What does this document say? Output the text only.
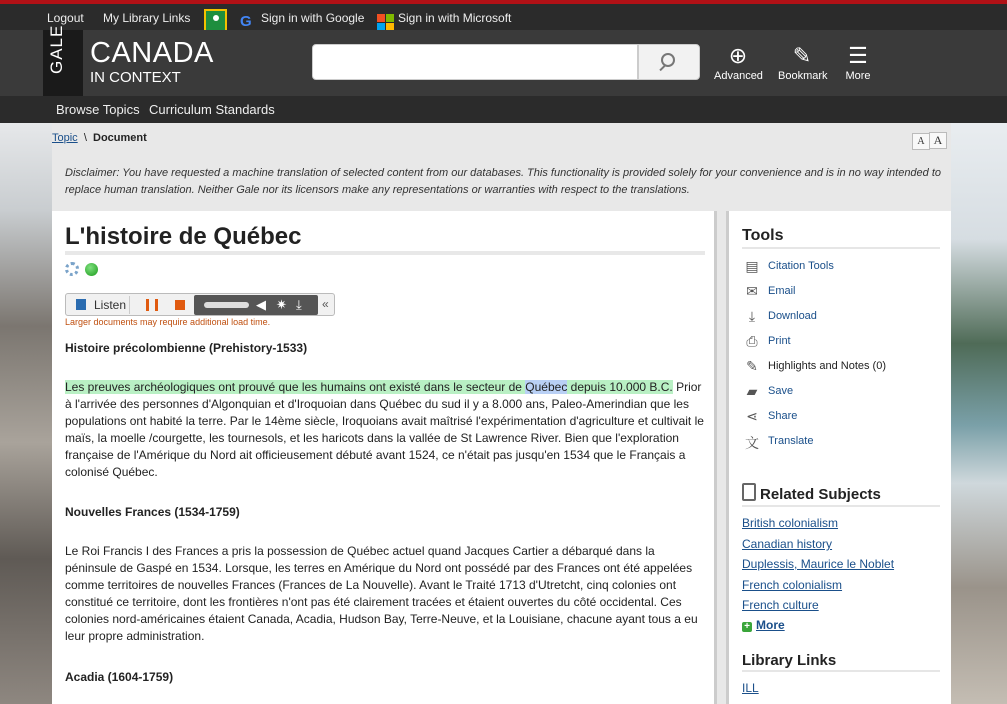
Logout My Library Links	G Sign in with Google	Sign in with Microsoft
GALE CANADA
IN CONTEXT
⊕
Advanced
✎
Bookmark
☰
More
Browse Topics Curriculum Standards
Topic \ Document	A A
Disclaimer: You have requested a machine translation of selected content from our databases. This functionality is provided solely for your convenience and is in no way intended to replace human translation. Neither Gale nor its licensors make any representations or warranties with respect to the translations.
L'histoire de Québec
Listen	◀ ✷ ⤓ «
Larger documents may require additional load time.
Histoire précolombienne (Prehistory-1533)
Les preuves archéologiques ont prouvé que les humains ont existé dans le secteur de Québec depuis 10.000 B.C. Prior à l'arrivée des personnes d'Algonquian et d'Iroquoian dans Québec du sud il y a 8.000 ans, Paleo-Amerindian que les populations ont habité la terre. Par le 14ème siècle, Iroquoians avait maîtrisé l'expérimentation d'agriculture et cultivait le maïs, la moelle /courgette, les tournesols, et les haricots dans la vallée de St Lawrence River. Bien que l'exploration française de l'Amérique du Nord ait officieusement débuté avant 1524, ce n'était pas jusqu'en 1534 que le Français a colonisé Québec.
Nouvelles Frances (1534-1759)
Le Roi Francis I des Frances a pris la possession de Québec actuel quand Jacques Cartier a débarqué dans la péninsule de Gaspé en 1534. Lorsque, les terres en Amérique du Nord ont possédé par des Frances ont été appelées comme territoires de nouvelles Frances (Frances de La Nouvelle). Avant le Traité 1713 d'Utretcht, cinq colonies ont constitué ce territoire, dont les frontières n'ont pas été clairement tracées et étaient ouvertes du côté occidental. Ces colonies nord-américaines étaient Canada, Acadia, Hudson Bay, Terre-Neuve, et la Louisiane, chacune ayant tous a eu leur propre administration.
Acadia (1604-1759)
Tools
▤ Citation Tools
✉ Email
⤓	Download
⎙ Print
✎ Highlights and Notes (0)
▰ Save
⋖ Share
文 Translate
Related Subjects
British colonialism
Canadian history
Duplessis, Maurice le Noblet
French colonialism
French culture
+ More
Library Links
ILL
